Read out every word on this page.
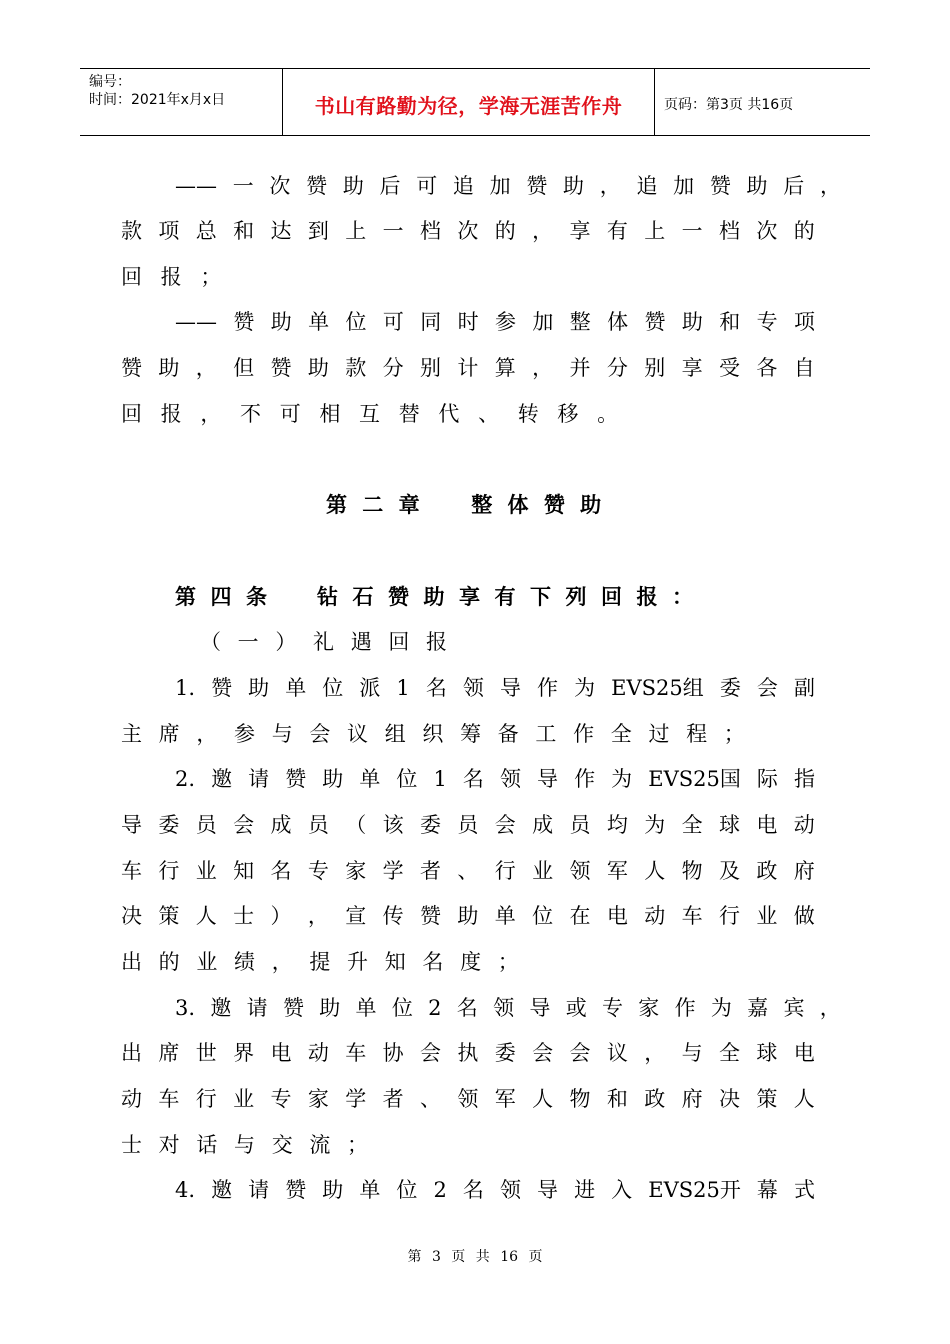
编号：
时间：2021年x月x日	书山有路勤为径，学海无涯苦作舟	页码：第3页 共16页
—— 一 次 赞 助 后 可 追 加 赞 助 ， 追 加 赞 助 后 ，
款 项 总 和 达 到 上 一 档 次 的 ， 享 有 上 一 档 次 的
回 报 ；
—— 赞 助 单 位 可 同 时 参 加 整 体 赞 助 和 专 项
赞 助 ， 但 赞 助 款 分 别 计 算 ， 并 分 别 享 受 各 自
回 报 ， 不 可 相 互 替 代 、 转 移 。
第 二 章 　 整 体 赞 助
第 四 条
　 钻 石 赞 助 享 有 下 列 回 报 ：
（ 一 ） 礼 遇 回 报
1. 赞 助 单 位 派 1 名 领 导 作 为 EVS25组 委 会 副
主 席 ， 参 与 会 议 组 织 筹 备 工 作 全 过 程 ；
2. 邀 请 赞 助 单 位 1 名 领 导 作 为 EVS25国 际 指
导 委 员 会 成 员 （ 该 委 员 会 成 员 均 为 全 球 电 动
车 行 业 知 名 专 家 学 者 、 行 业 领 军 人 物 及 政 府
决 策 人 士 ） ， 宣 传 赞 助 单 位 在 电 动 车 行 业 做
出 的 业 绩 ， 提 升 知 名 度 ；
3. 邀 请 赞 助 单 位 2 名 领 导 或 专 家 作 为 嘉 宾 ，
出 席 世 界 电 动 车 协 会 执 委 会 会 议 ， 与 全 球 电
动 车 行 业 专 家 学 者 、 领 军 人 物 和 政 府 决 策 人
士 对 话 与 交 流 ；
4. 邀 请 赞 助 单 位 2 名 领 导 进 入 EVS25开 幕 式
第 3 页 共 16 页
